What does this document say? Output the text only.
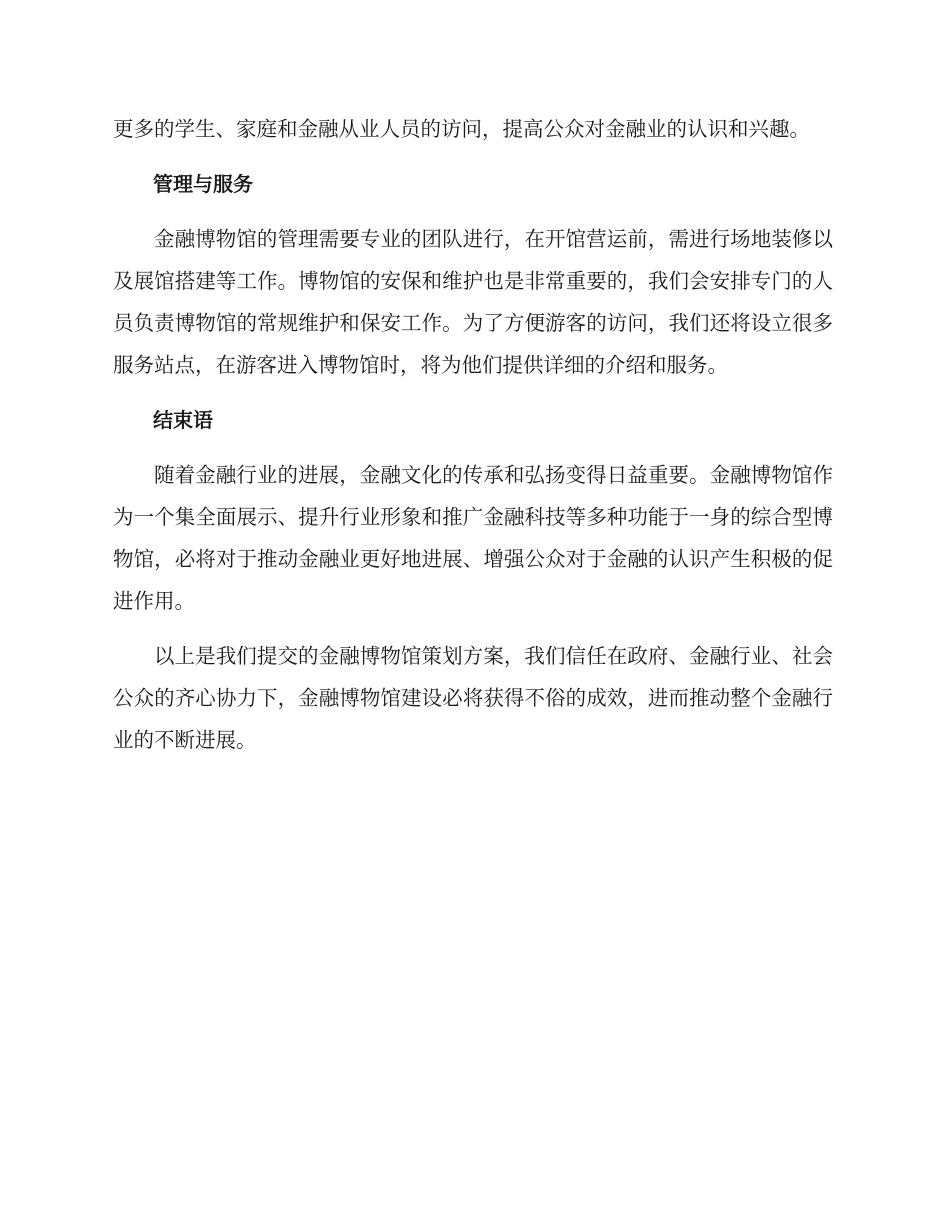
更多的学生、家庭和金融从业人员的访问，提高公众对金融业的认识和兴趣。

管理与服务

金融博物馆的管理需要专业的团队进行，在开馆营运前，需进行场地装修以及展馆搭建等工作。博物馆的安保和维护也是非常重要的，我们会安排专门的人员负责博物馆的常规维护和保安工作。为了方便游客的访问，我们还将设立很多服务站点，在游客进入博物馆时，将为他们提供详细的介绍和服务。

结束语

随着金融行业的进展，金融文化的传承和弘扬变得日益重要。金融博物馆作为一个集全面展示、提升行业形象和推广金融科技等多种功能于一身的综合型博物馆，必将对于推动金融业更好地进展、增强公众对于金融的认识产生积极的促进作用。

以上是我们提交的金融博物馆策划方案，我们信任在政府、金融行业、社会公众的齐心协力下，金融博物馆建设必将获得不俗的成效，进而推动整个金融行业的不断进展。
